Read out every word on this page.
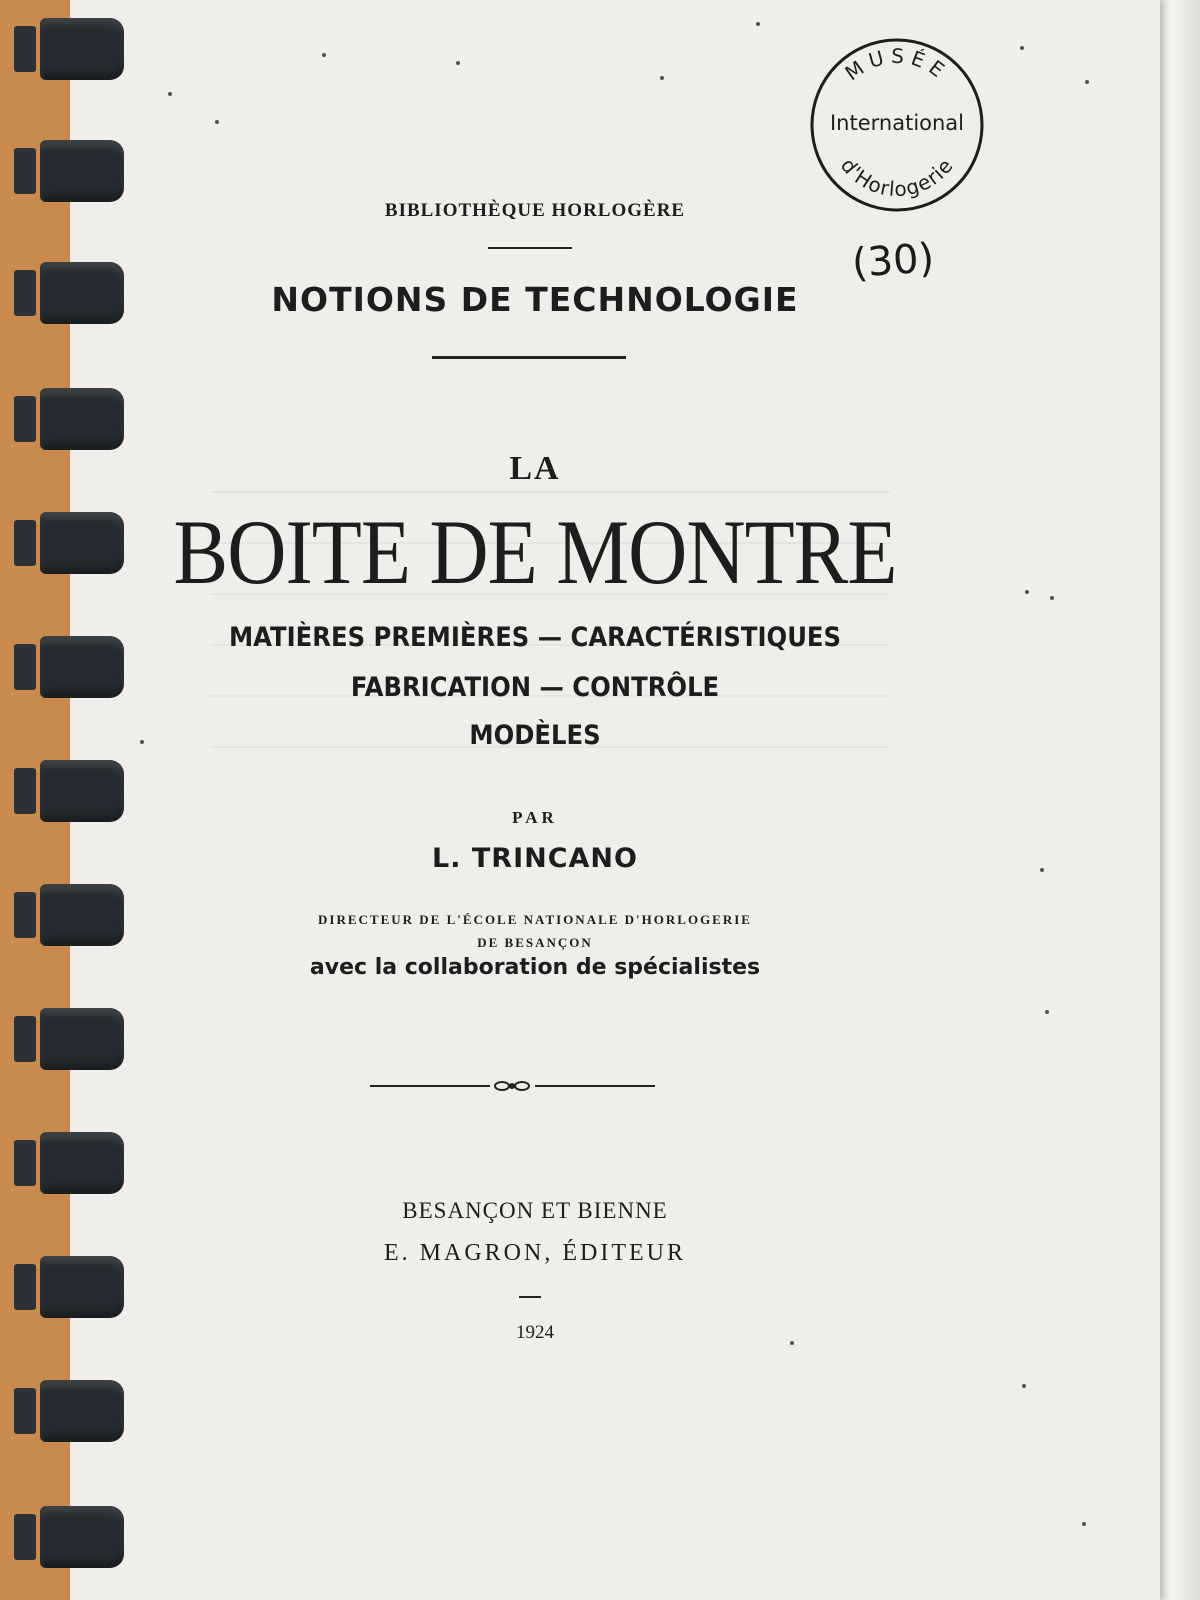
BIBLIOTHÈQUE HORLOGÈRE
NOTIONS DE TECHNOLOGIE
LA
BOITE DE MONTRE
MATIÈRES PREMIÈRES — CARACTÉRISTIQUES
FABRICATION — CONTRÔLE
MODÈLES
PAR
L. TRINCANO
DIRECTEUR DE L'ÉCOLE NATIONALE D'HORLOGERIE
DE BESANÇON
avec la collaboration de spécialistes
BESANÇON ET BIENNE
E. MAGRON, ÉDITEUR
1924
MUSÉE
International
d'Horlogerie
(30)
